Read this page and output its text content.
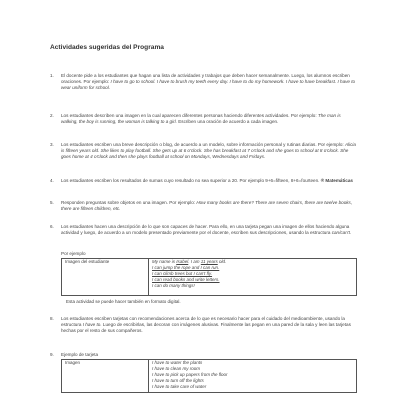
Actividades sugeridas del Programa
1.	El docente pide a los estudiantes que hagan una lista de actividades y trabajos que deben hacer semanalmente. Luego, los alumnos escriben oraciones. Por ejemplo: I have to go to school. I have to brush my teeth every day. I have to do my homework. I have to have breakfast. I have to wear uniform for school.
2.	Los estudiantes describen una imagen en la cual aparecen diferentes personas haciendo diferentes actividades. Por ejemplo: The man is walking, the boy is running, the woman is talking to a girl. Escriben una oración de acuerdo a cada imagen.
3.	Los estudiantes escriben una breve descripción o blog, de acuerdo a un modelo, sobre información personal y rutinas diarias. Por ejemplo: Alicia is fifteen years old. She likes to play football. She gets up at 6 o'clock. She has breakfast at 7 o'clock and she goes to school at 8 o'clock. She goes home at 4 o'clock and then she plays football at school on Mondays, Wednesdays and Fridays.
4.	Los estudiantes escriben los resultados de sumas cuyo resultado no sea superior a 20. Por ejemplo 9+6=fifteen, 8+6=fourteen. ® Matemáticas
5.	Responden preguntas sobre objetos en una imagen. Por ejemplo: How many books are there? There are seven chairs, there are twelve books, there are fifteen children, etc.
6.	Los estudiantes hacen una descripción de lo que son capaces de hacer. Para ello, en una tarjeta pegan una imagen de ellos haciendo alguna actividad y luego, de acuerdo a un modelo presentado previamente por el docente, escriben sus descripciones, usando la estructura can/can't.
Por ejemplo
Imagen del estudiante	My name is Isabel. I am 11 years old.
I can jump the rope and I can run.
I can climb trees but I can't fly.
I can read books and write letters.
I can do many things!
Esta actividad se puede hacer también en formato digital.
8.	Los estudiantes escriben tarjetas con recomendaciones acerca de lo que es necesario hacer para el cuidado del medioambiente, usando la estructura I have to. Luego de escribirlas, las decoran con imágenes alusivas. Finalmente las pegan en una pared de la sala y leen las tarjetas hechas por el resto de sus compañeros.
9.	Ejemplo de tarjeta
Imagen	I have to water the plants
I have to clean my room
I have to pick up papers from the floor
I have to turn off the lights
I have to take care of water
